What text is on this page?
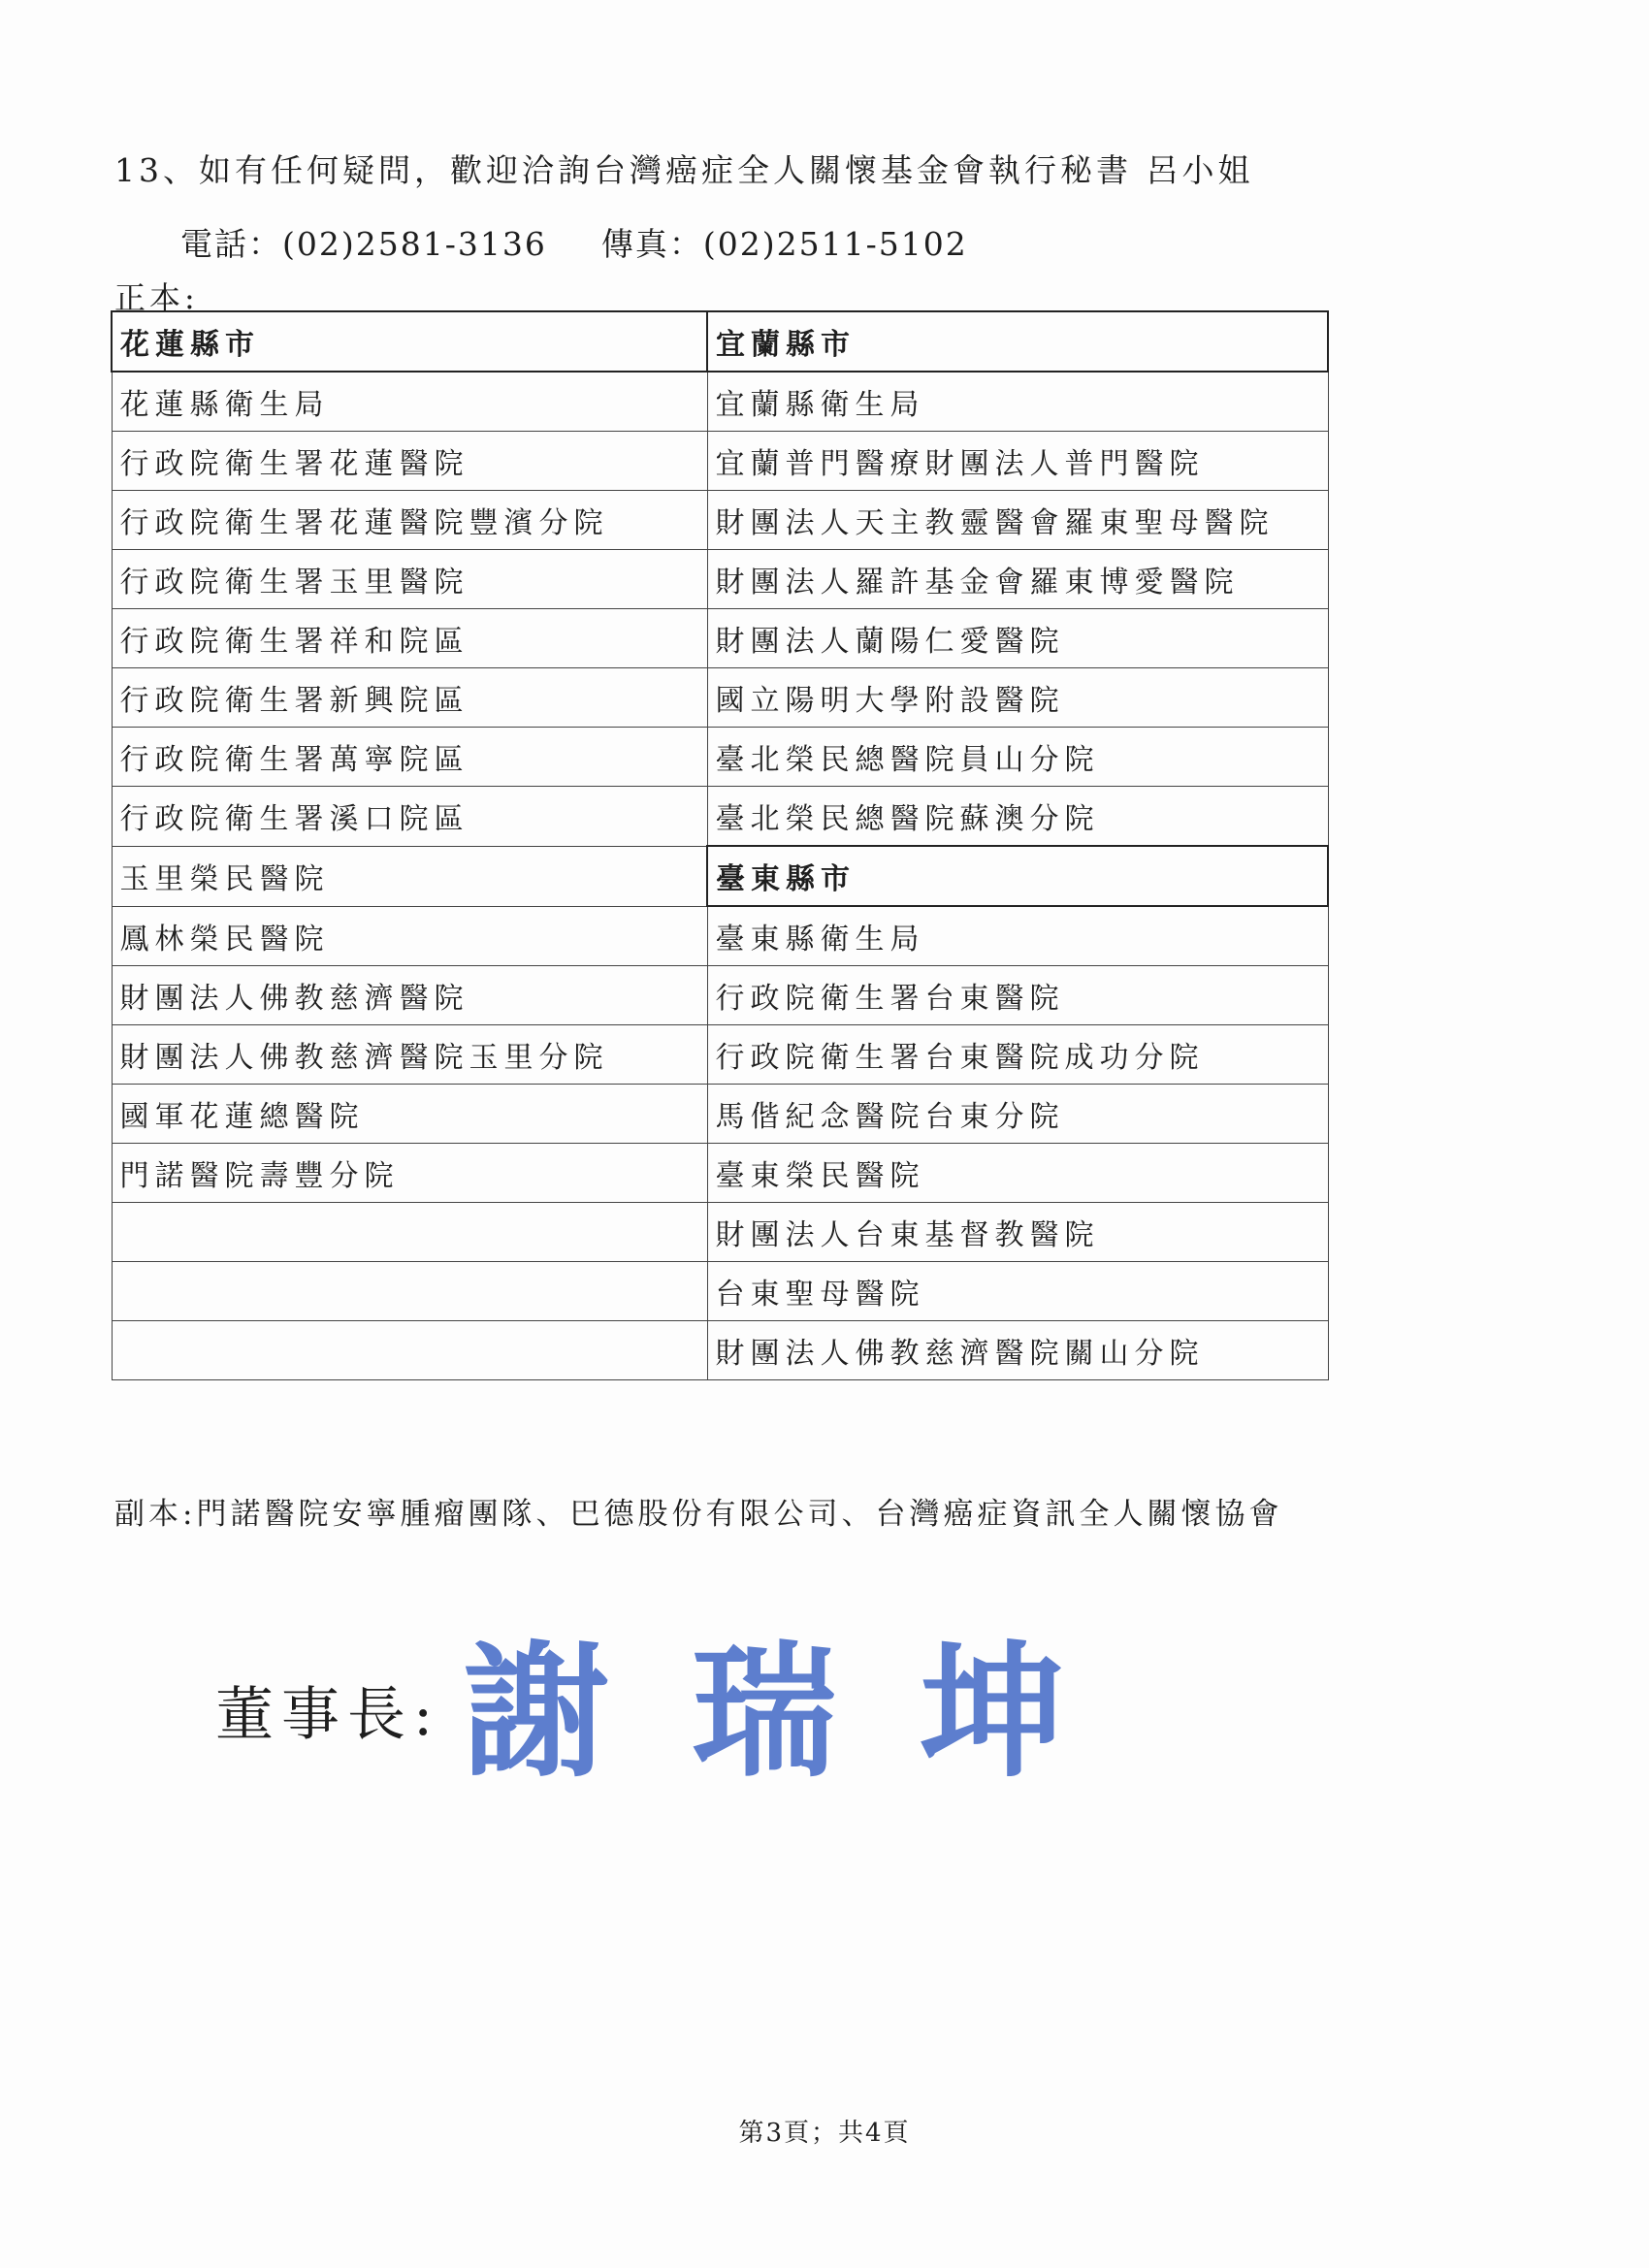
13、如有任何疑問，歡迎洽詢台灣癌症全人關懷基金會執行秘書 呂小姐
電話：(02)2581-3136 傳真：(02)2511-5102
正本:
花蓮縣市	宜蘭縣市
花蓮縣衛生局	宜蘭縣衛生局
行政院衛生署花蓮醫院	宜蘭普門醫療財團法人普門醫院
行政院衛生署花蓮醫院豐濱分院	財團法人天主教靈醫會羅東聖母醫院
行政院衛生署玉里醫院	財團法人羅許基金會羅東博愛醫院
行政院衛生署祥和院區	財團法人蘭陽仁愛醫院
行政院衛生署新興院區	國立陽明大學附設醫院
行政院衛生署萬寧院區	臺北榮民總醫院員山分院
行政院衛生署溪口院區	臺北榮民總醫院蘇澳分院
玉里榮民醫院	臺東縣市
鳳林榮民醫院	臺東縣衛生局
財團法人佛教慈濟醫院	行政院衛生署台東醫院
財團法人佛教慈濟醫院玉里分院	行政院衛生署台東醫院成功分院
國軍花蓮總醫院	馬偕紀念醫院台東分院
門諾醫院壽豐分院	臺東榮民醫院
	財團法人台東基督教醫院
	台東聖母醫院
	財團法人佛教慈濟醫院關山分院
副本:門諾醫院安寧腫瘤團隊、巴德股份有限公司、台灣癌症資訊全人關懷協會
董事長: 謝 瑞 坤
第3頁；共4頁
